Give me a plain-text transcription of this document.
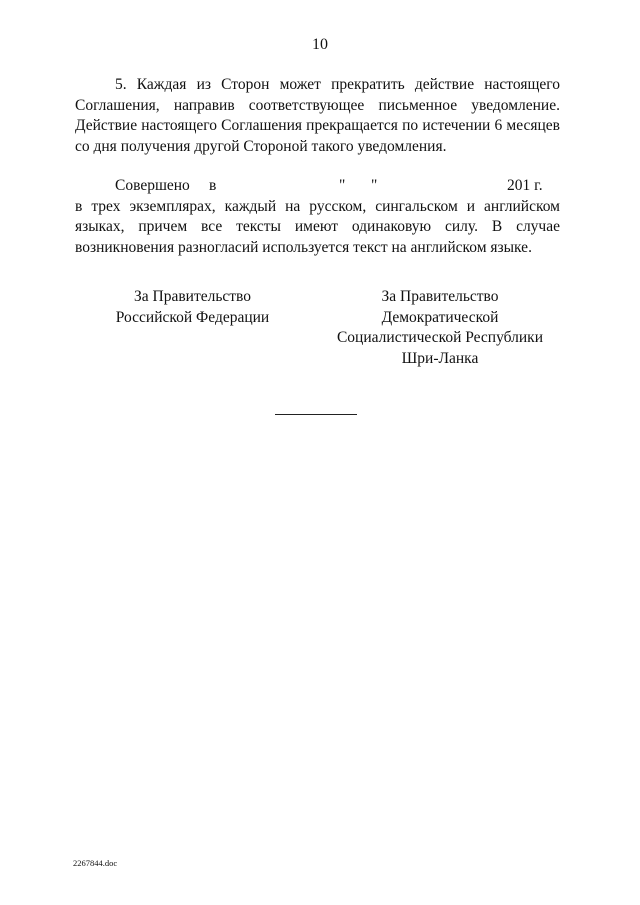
10
5. Каждая из Сторон может прекратить действие настоящего
Соглашения, направив соответствующее письменное уведомление.
Действие настоящего Соглашения прекращается по истечении 6 месяцев
со дня получения другой Стороной такого уведомления.
Совершено в	" "	201 г.
в трех экземплярах, каждый на русском, сингальском и английском
языках, причем все тексты имеют одинаковую силу. В случае
возникновения разногласий используется текст на английском языке.
За Правительство
Российской Федерации
За Правительство
Демократической
Социалистической Республики
Шри-Ланка
2267844.doc
